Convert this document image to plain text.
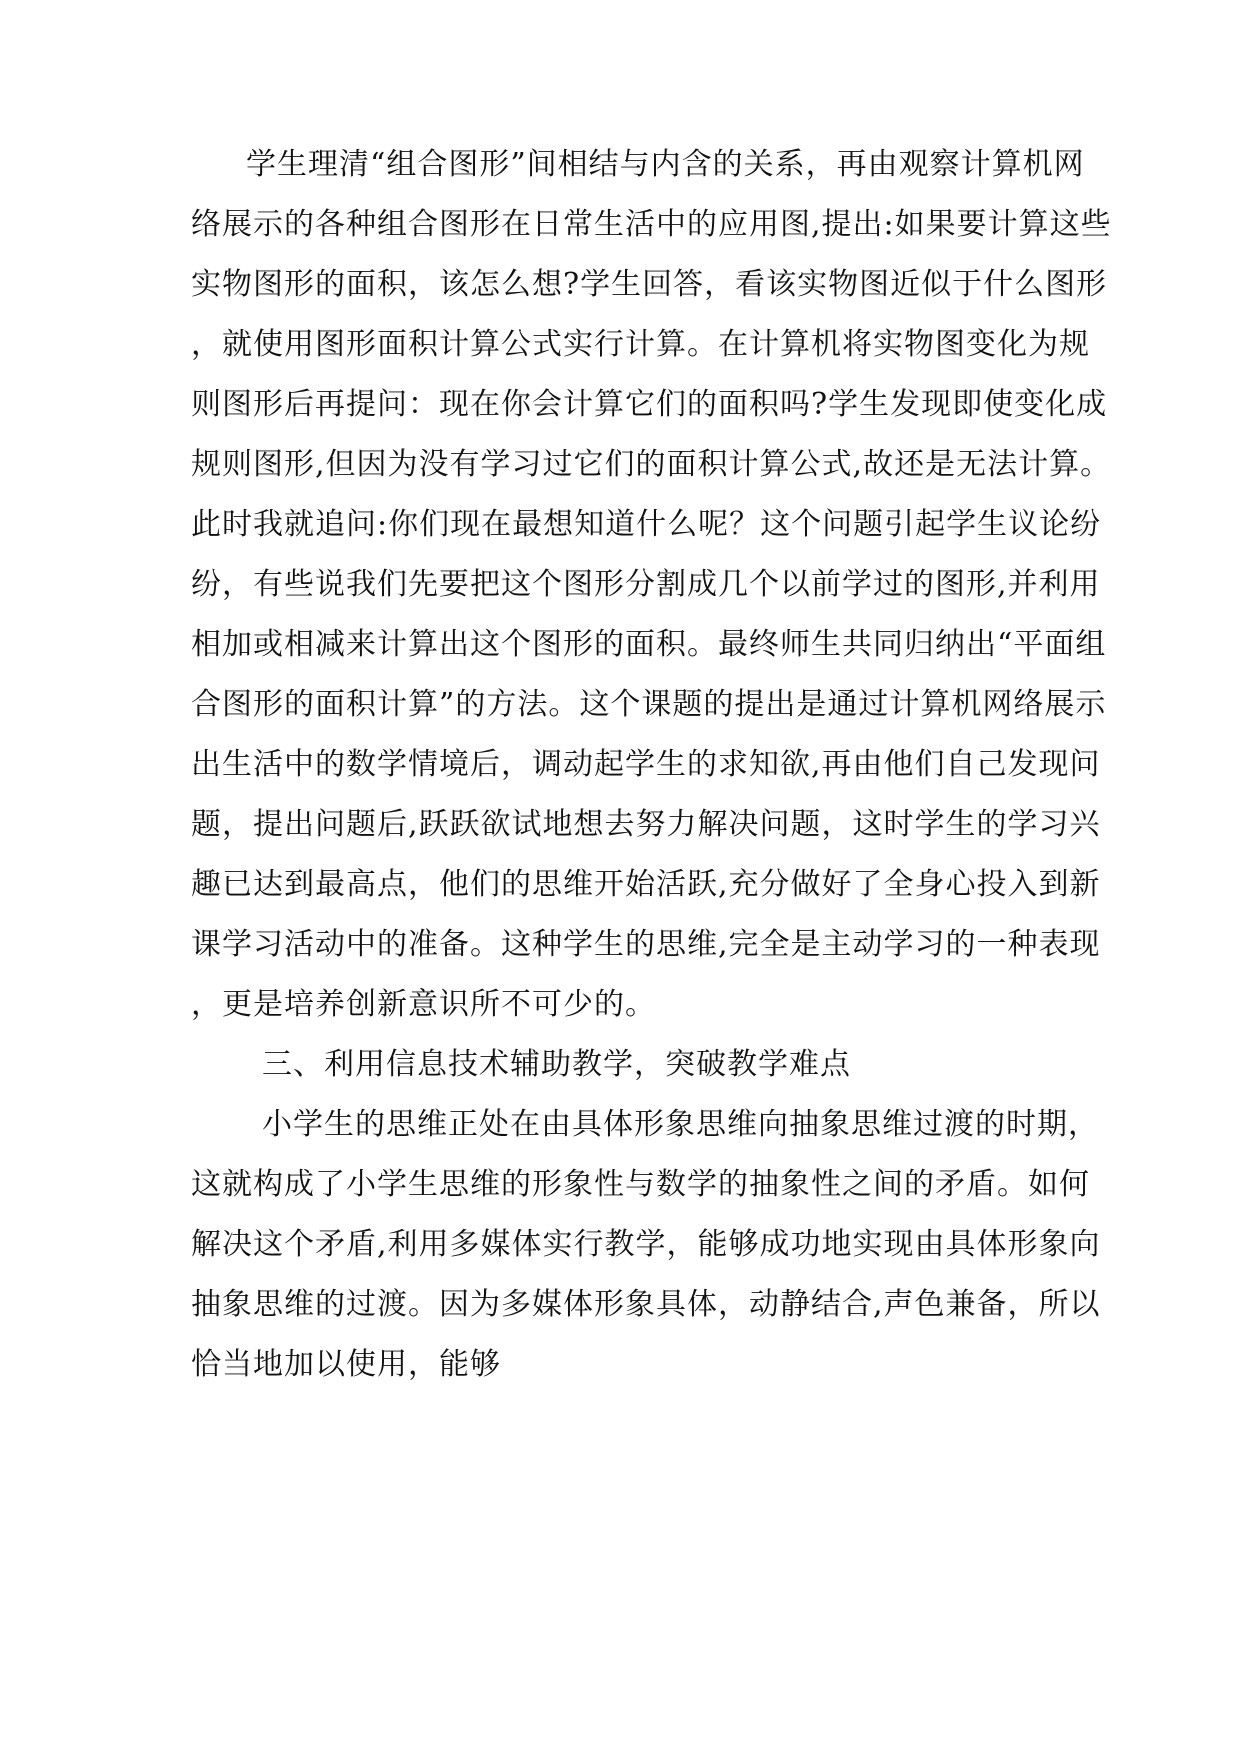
学生理清“组合图形”间相结与内含的关系，再由观察计算机网
络展示的各种组合图形在日常生活中的应用图,提出:如果要计算这些
实物图形的面积，该怎么想?学生回答，看该实物图近似于什么图形
，就使用图形面积计算公式实行计算。在计算机将实物图变化为规
则图形后再提问：现在你会计算它们的面积吗?学生发现即使变化成
规则图形,但因为没有学习过它们的面积计算公式,故还是无法计算。
此时我就追问:你们现在最想知道什么呢？这个问题引起学生议论纷
纷，有些说我们先要把这个图形分割成几个以前学过的图形,并利用
相加或相减来计算出这个图形的面积。最终师生共同归纳出“平面组
合图形的面积计算”的方法。这个课题的提出是通过计算机网络展示
出生活中的数学情境后，调动起学生的求知欲,再由他们自己发现问
题，提出问题后,跃跃欲试地想去努力解决问题，这时学生的学习兴
趣已达到最高点，他们的思维开始活跃,充分做好了全身心投入到新
课学习活动中的准备。这种学生的思维,完全是主动学习的一种表现
，更是培养创新意识所不可少的。
三、利用信息技术辅助教学，突破教学难点
小学生的思维正处在由具体形象思维向抽象思维过渡的时期，
这就构成了小学生思维的形象性与数学的抽象性之间的矛盾。如何
解决这个矛盾,利用多媒体实行教学，能够成功地实现由具体形象向
抽象思维的过渡。因为多媒体形象具体，动静结合,声色兼备，所以
恰当地加以使用，能够
